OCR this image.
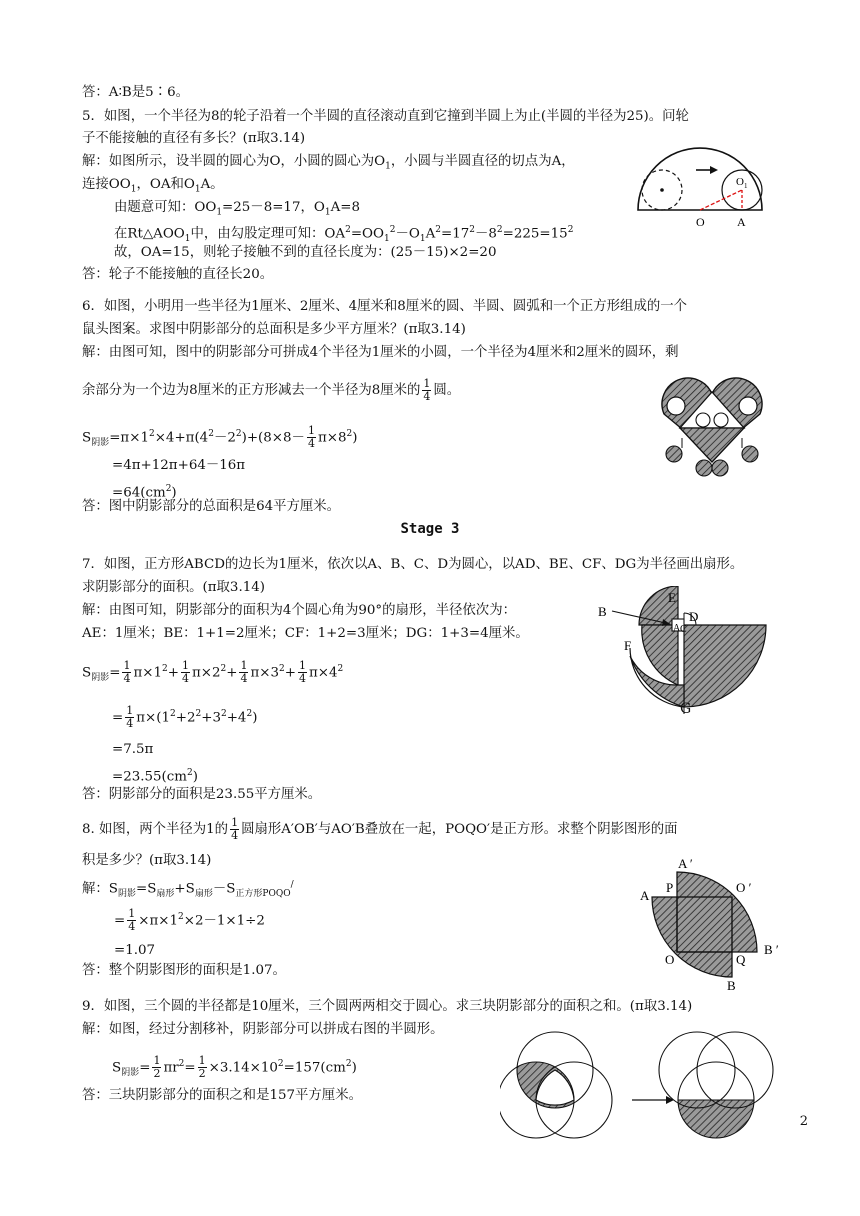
答：A∶B是5∶6。
5．如图，一个半径为8的轮子沿着一个半圆的直径滚动直到它撞到半圆上为止(半圆的半径为25)。问轮
子不能接触的直径有多长？(π取3.14)
解：如图所示，设半圆的圆心为O，小圆的圆心为$O_1$，小圆与半圆直径的切点为A，
连接$OO_1$，OA和$O_1A$。
由题意可知：$OO_1=25-8=17$，$O_1A=8$
在$Rt\triangle AOO_1$中，由勾股定理可知：$OA^2=OO_1^2-O_1A^2=17^2-8^2=225=15^2$
故，OA=15，则轮子接触不到的直径长度为：(25－15)×2=20
答：轮子不能接触的直径长20。
$O_1$
O	A
6．如图，小明用一些半径为1厘米、2厘米、4厘米和8厘米的圆、半圆、圆弧和一个正方形组成的一个
鼠头图案。求图中阴影部分的总面积是多少平方厘米？(π取3.14)
解：由图可知，图中的阴影部分可拼成4个半径为1厘米的小圆，一个半径为4厘米和2厘米的圆环，剩
余部分为一个边为8厘米的正方形减去一个半径为8厘米的 $\frac{1}{4}$ 圆。
$S_{阴影}=\pi\times 1^2\times 4+\pi(4^2-2^2)+(8\times 8- \frac{1}{4} \pi\times 8^2)$
=4π+12π+64－16π
$=64(cm^2)$
答：图中阴影部分的总面积是64平方厘米。
Stage 3
7．如图，正方形ABCD的边长为1厘米，依次以A、B、C、D为圆心，以AD、BE、CF、DG为半径画出扇形。
求阴影部分的面积。(π取3.14)
解：由图可知，阴影部分的面积为4个圆心角为90°的扇形，半径依次为：
AE：1厘米；BE：1+1=2厘米；CF：1+2=3厘米；DG：1+3=4厘米。
$S_{阴影}= \frac{1}{4} \pi\times 1^2+ \frac{1}{4} \pi\times 2^2+ \frac{1}{4} \pi\times 3^2+ \frac{1}{4} \pi\times 4^2$
= $\frac{1}{4} \pi\times(1^2+2^2+3^2+4^2)$
=7.5π
$=23.55(cm^2)$
答：阴影部分的面积是23.55平方厘米。
B
E
D
F
A C
G
8. 如图，两个半径为1的 $\frac{1}{4}$ 圆扇形A′OB′与AO′B叠放在一起，POQO′是正方形。求整个阴影图形的面
积是多少？(π取3.14)
解：$S_{阴影}=S_{扇形}+S_{扇形}-S_{正方形POQO}^/$
= $\frac{1}{4} \times\pi\times 1^2\times 2-1\times 1\div 2$
=1.07
答：整个阴影图形的面积是1.07。
A ′
P	O ′
A
B ′
O	Q
B
9．如图，三个圆的半径都是10厘米，三个圆两两相交于圆心。求三块阴影部分的面积之和。(π取3.14)
解：如图，经过分割移补，阴影部分可以拼成右图的半圆形。
$S_{阴影}= \frac{1}{2} \pi r^2= \frac{1}{2} \times 3.14\times 10^2=157(cm^2)$
答：三块阴影部分的面积之和是157平方厘米。
2
